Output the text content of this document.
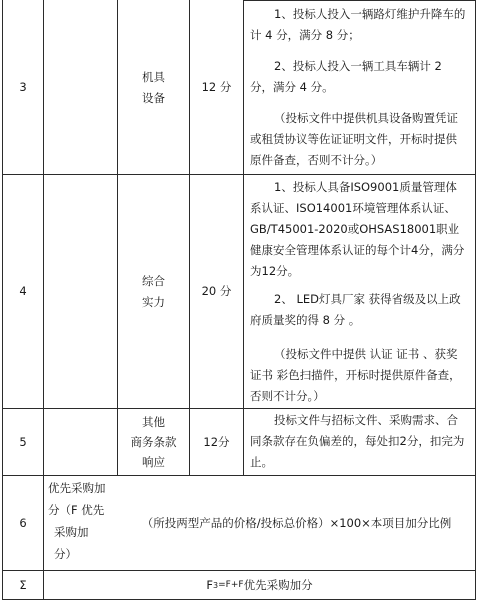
3
机具
设备
12 分

1、投标人投入一辆路灯维护升降车的计 4 分，满分 8 分；

2、投标人投入一辆工具车辆计 2 分，满分 4 分。

（投标文件中提供机具设备购置凭证或租赁协议等佐证证明文件，开标时提供原件备查，否则不计分。）

4
综合
实力
20 分

1、投标人具备ISO9001质量管理体系认证、ISO14001环境管理体系认证、GB/T45001-2020或OHSAS18001职业健康安全管理体系认证的每个计4分，满分为12分。

2、 LED灯具厂家 获得省级及以上政府质量奖的得 8 分 。

（投标文件中提供 认证 证书 、获奖证书 彩色扫描件，开标时提供原件备查，否则不计分。）

5
其他
商务条款
响应
12分

投标文件与招标文件、采购需求、合同条款存在负偏差的，每处扣2分，扣完为止。

6
优先采购加
分（F 优先
采购加
分）
（所投两型产品的价格/投标总价格）×100×本项目加分比例
Σ	F 3 =F +F 优先采购加分
